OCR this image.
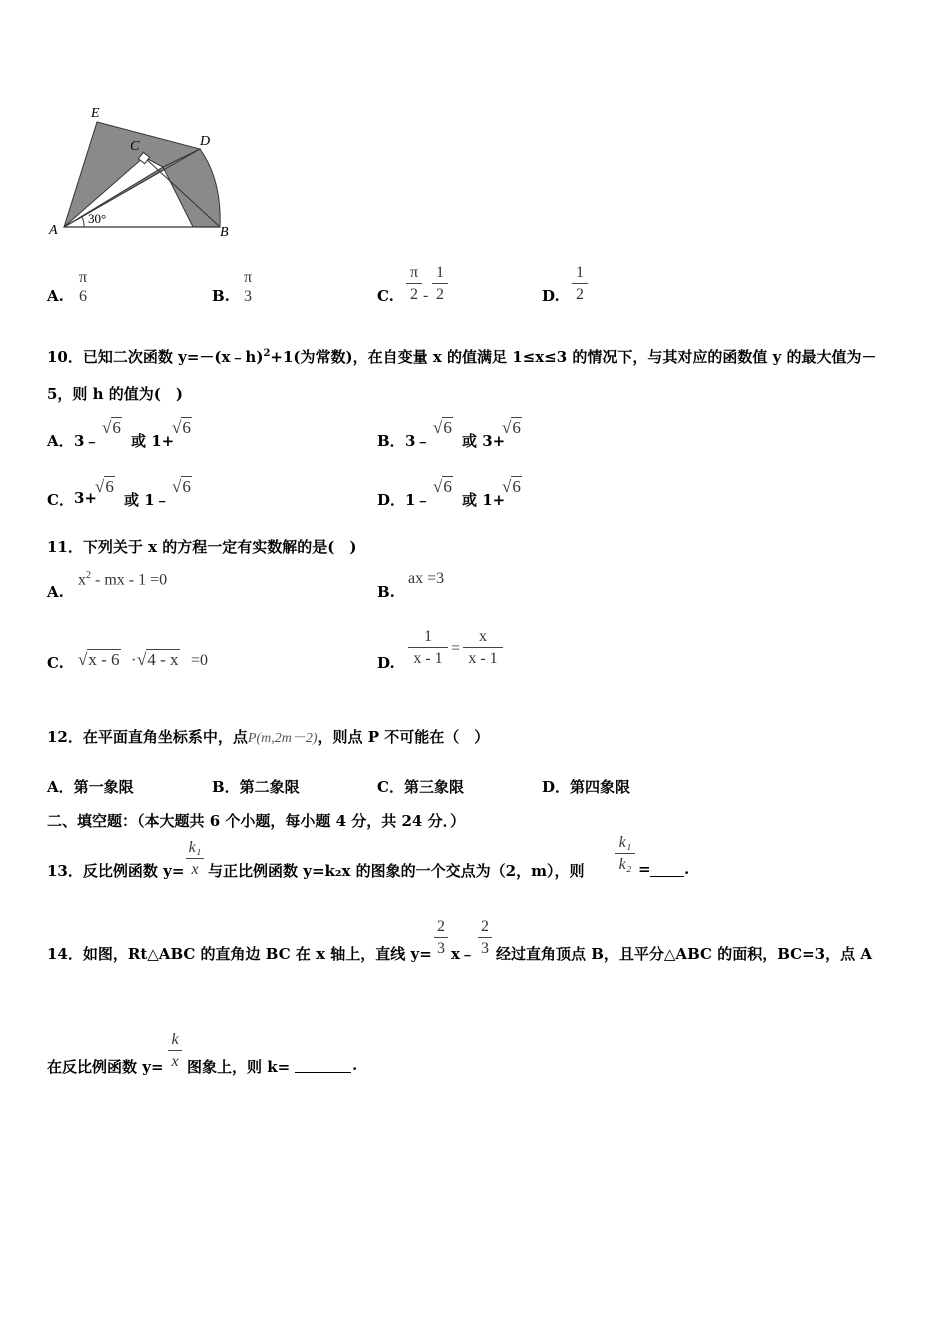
E
D
C
A	B
30°
A.
π
6	B.
π
3	C.
π
2 -
1
2	D.
1
2
10．已知二次函数 y=－(x﹣h)$^2$+1(为常数)，在自变量 x 的值满足 1≤x≤3 的情况下，与其对应的函数值 y 的最大值为－
5，则 h 的值为(　)
A． 3﹣
√6
或 1+
√6
B． 3﹣
√6
或 3+
√6
C． 3+
√6
或 1﹣
√6
D． 1﹣
√6
或 1+
√6
11．下列关于 x 的方程一定有实数解的是(　)
A.
$x^2$ - mx - 1 =0
B.
ax =3
C. √x - 6 · √4 - x =0	D.
1
x - 1
=
x
x - 1
12．在平面直角坐标系中，点P(m,2m－2)，则点 P 不可能在（　）
A．第一象限	B．第二象限	C．第三象限	D．第四象限
二、填空题：（本大题共 6 个小题，每小题 4 分，共 24 分．）
13．反比例函数 y=
k₁
x 与正比例函数 y=k₂x 的图象的一个交点为（2，m），则
k₁
k₂ = .
14．如图，Rt△ABC 的直角边 BC 在 x 轴上，直线 y=
2
3 x﹣
2
3 经过直角顶点 B，且平分△ABC 的面积，BC=3，点 A
在反比例函数 y=
k
x 图象上，则 k=	.
